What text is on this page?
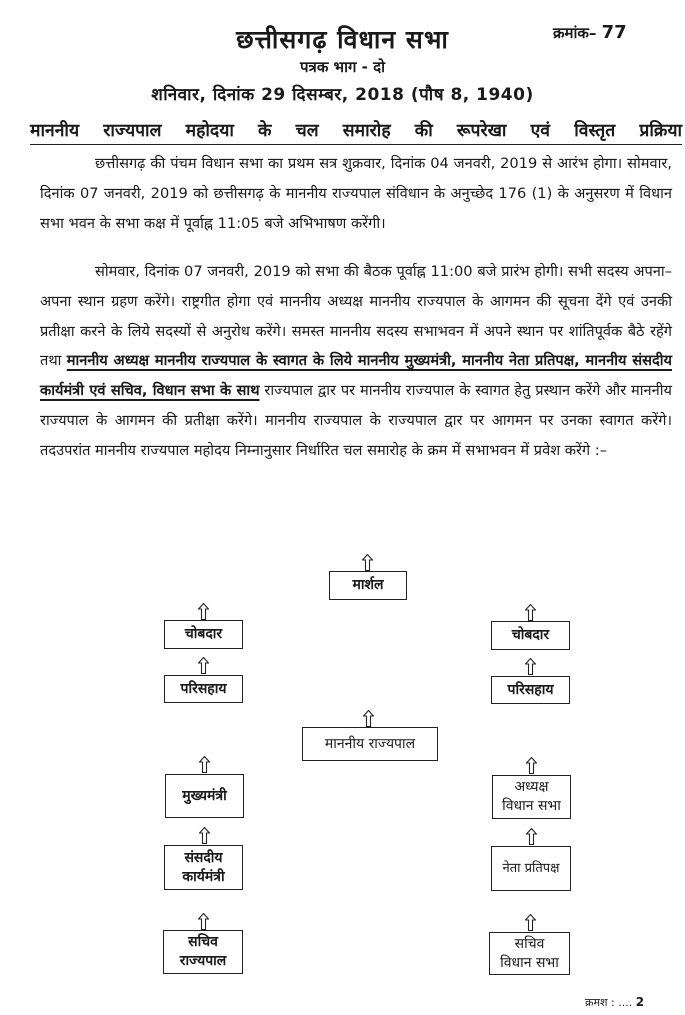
छत्तीसगढ़ विधान सभा	क्रमांक– 77
पत्रक भाग - दो
शनिवार, दिनांक 29 दिसम्बर, 2018 (पौष 8, 1940)
माननीय राज्यपाल महोदया के चल समारोह की रूपरेखा एवं विस्तृत प्रक्रिया
छत्तीसगढ़ की पंचम विधान सभा का प्रथम सत्र शुक्रवार, दिनांक 04 जनवरी, 2019 से आरंभ होगा। सोमवार, दिनांक 07 जनवरी, 2019 को छत्तीसगढ़ के माननीय राज्यपाल संविधान के अनुच्छेद 176 (1) के अनुसरण में विधान सभा भवन के सभा कक्ष में पूर्वाह्न 11:05 बजे अभिभाषण करेंगी।
सोमवार, दिनांक 07 जनवरी, 2019 को सभा की बैठक पूर्वाह्न 11:00 बजे प्रारंभ होगी। सभी सदस्य अपना–अपना स्थान ग्रहण करेंगे। राष्ट्रगीत होगा एवं माननीय अध्यक्ष माननीय राज्यपाल के आगमन की सूचना देंगे एवं उनकी प्रतीक्षा करने के लिये सदस्यों से अनुरोध करेंगे। समस्त माननीय सदस्य सभाभवन में अपने स्थान पर शांतिपूर्वक बैठे रहेंगे तथा माननीय अध्यक्ष माननीय राज्यपाल के स्वागत के लिये माननीय मुख्यमंत्री, माननीय नेता प्रतिपक्ष, माननीय संसदीय कार्यमंत्री एवं सचिव, विधान सभा के साथ राज्यपाल द्वार पर माननीय राज्यपाल के स्वागत हेतु प्रस्थान करेंगे और माननीय राज्यपाल के आगमन की प्रतीक्षा करेंगे। माननीय राज्यपाल के राज्यपाल द्वार पर आगमन पर उनका स्वागत करेंगे। तदउपरांत माननीय राज्यपाल महोदय निम्नानुसार निर्धारित चल समारोह के क्रम में सभाभवन में प्रवेश करेंगे :–
मार्शल
माननीय राज्यपाल
चोबदार
परिसहाय
मुख्यमंत्री
संसदीय
कार्यमंत्री
सचिव
राज्यपाल
चोबदार
परिसहाय
अध्यक्ष
विधान सभा
नेता प्रतिपक्ष
सचिव
विधान सभा
क्रमश : .... 2
